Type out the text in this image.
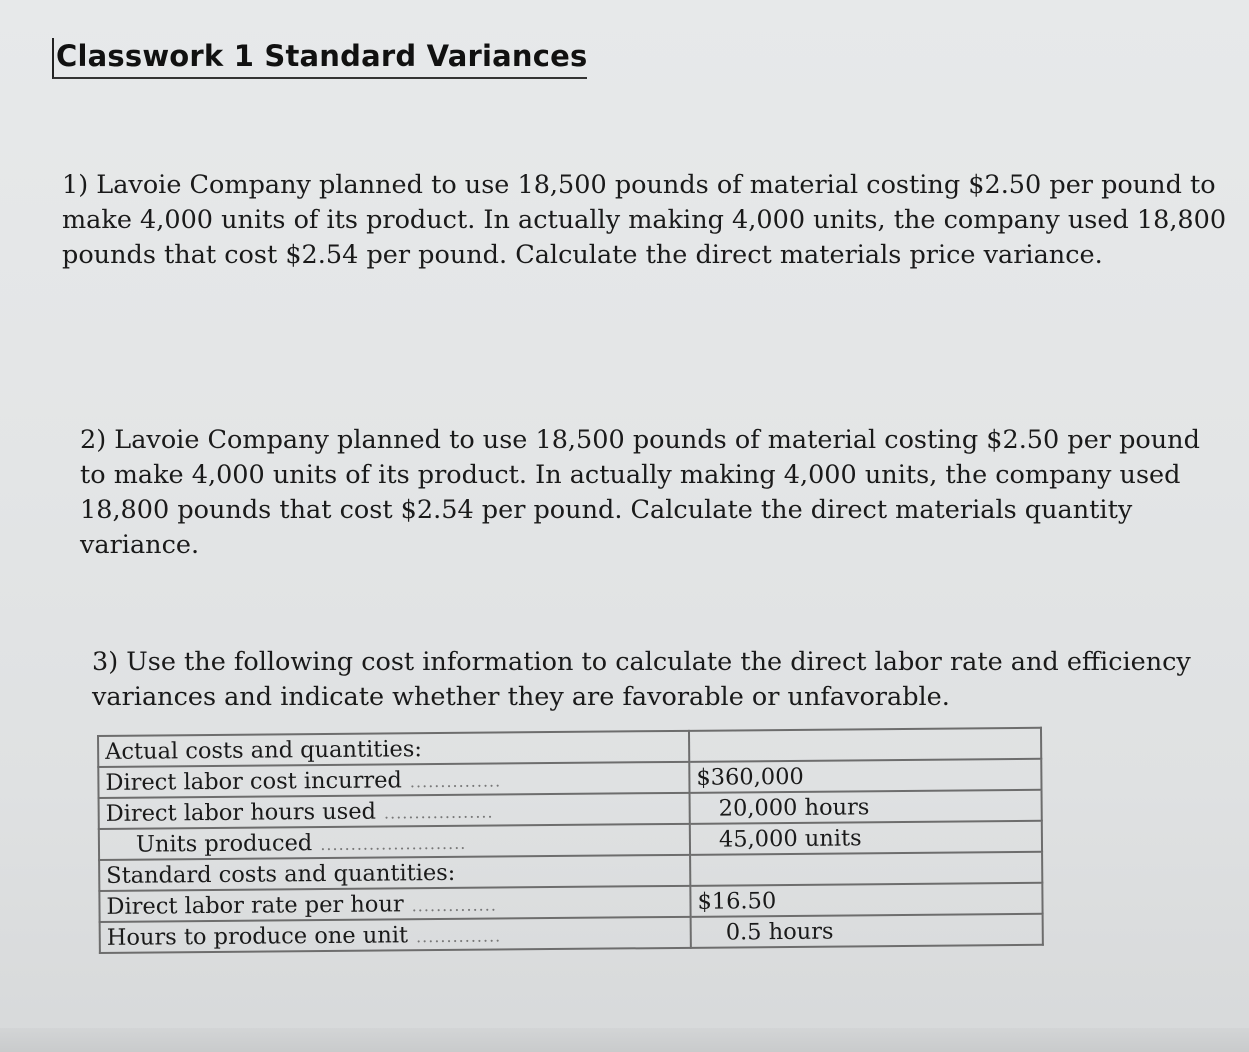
Classwork 1 Standard Variances

1) Lavoie Company planned to use 18,500 pounds of material costing $2.50 per pound to make 4,000 units of its product. In actually making 4,000 units, the company used 18,800 pounds that cost $2.54 per pound. Calculate the direct materials price variance.

2) Lavoie Company planned to use 18,500 pounds of material costing $2.50 per pound to make 4,000 units of its product. In actually making 4,000 units, the company used 18,800 pounds that cost $2.54 per pound. Calculate the direct materials quantity variance.

3) Use the following cost information to calculate the direct labor rate and efficiency variances and indicate whether they are favorable or unfavorable.

Actual costs and quantities:	
Direct labor cost incurred ...............	$360,000
Direct labor hours used ..................	20,000 hours
Units produced ........................	45,000 units
Standard costs and quantities:	
Direct labor rate per hour ..............	$16.50
Hours to produce one unit ..............	0.5 hours
